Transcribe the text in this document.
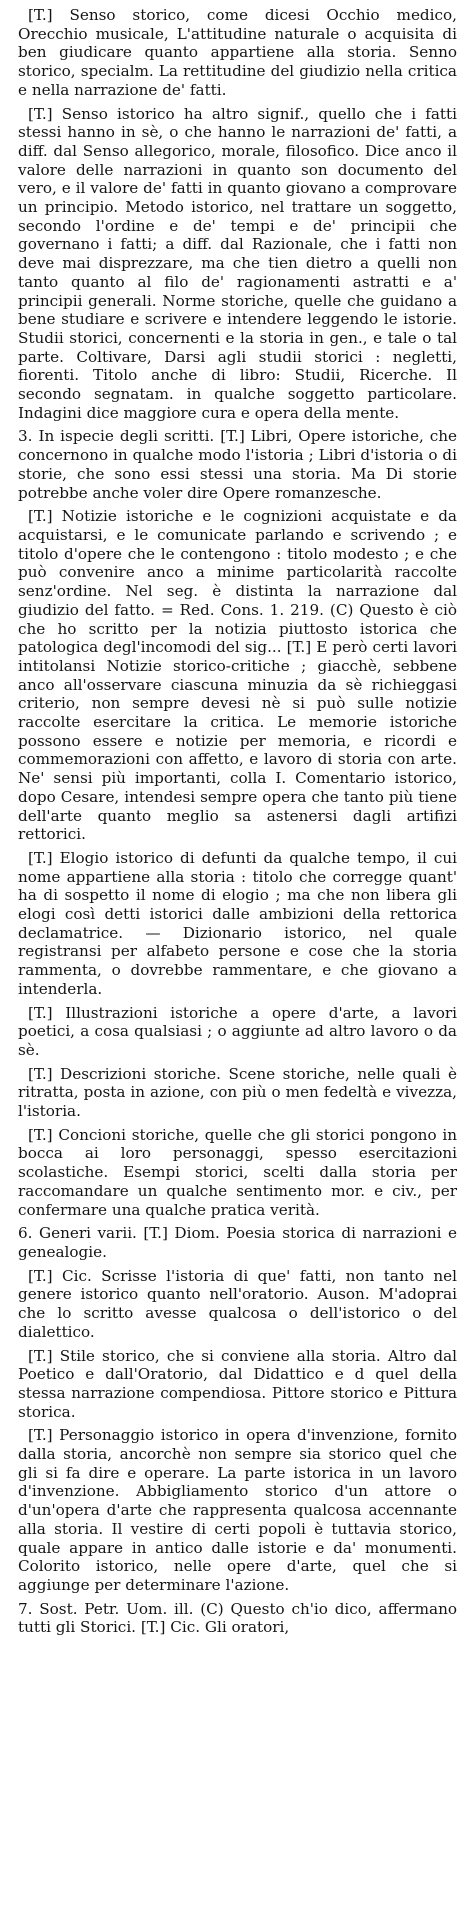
[T.] Senso storico, come dicesi Occhio medico, Orecchio musicale, L'attitudine naturale o acquisita di ben giudicare quanto appartiene alla storia. Senno storico, specialm. La rettitudine del giudizio nella critica e nella narrazione de' fatti.

[T.] Senso istorico ha altro signif., quello che i fatti stessi hanno in sè, o che hanno le narrazioni de' fatti, a diff. dal Senso allegorico, morale, filosofico. Dice anco il valore delle narrazioni in quanto son documento del vero, e il valore de' fatti in quanto giovano a comprovare un principio. Metodo istorico, nel trattare un soggetto, secondo l'ordine e de' tempi e de' principii che governano i fatti; a diff. dal Razionale, che i fatti non deve mai disprezzare, ma che tien dietro a quelli non tanto quanto al filo de' ragionamenti astratti e a' principii generali. Norme storiche, quelle che guidano a bene studiare e scrivere e intendere leggendo le istorie. Studii storici, concernenti e la storia in gen., e tale o tal parte. Coltivare, Darsi agli studii storici : negletti, fiorenti. Titolo anche di libro: Studii, Ricerche. Il secondo segnatam. in qualche soggetto particolare. Indagini dice maggiore cura e opera della mente.

3. In ispecie degli scritti. [T.] Libri, Opere istoriche, che concernono in qualche modo l'istoria ; Libri d'istoria o di storie, che sono essi stessi una storia. Ma Di storie potrebbe anche voler dire Opere romanzesche.

[T.] Notizie istoriche e le cognizioni acquistate e da acquistarsi, e le comunicate parlando e scrivendo ; e titolo d'opere che le contengono : titolo modesto ; e che può convenire anco a minime particolarità raccolte senz'ordine. Nel seg. è distinta la narrazione dal giudizio del fatto. = Red. Cons. 1. 219. (C) Questo è ciò che ho scritto per la notizia piuttosto istorica che patologica degl'incomodi del sig... [T.] E però certi lavori intitolansi Notizie storico-critiche ; giacchè, sebbene anco all'osservare ciascuna minuzia da sè richieggasi criterio, non sempre devesi nè si può sulle notizie raccolte esercitare la critica. Le memorie istoriche possono essere e notizie per memoria, e ricordi e commemorazioni con affetto, e lavoro di storia con arte. Ne' sensi più importanti, colla I. Comentario istorico, dopo Cesare, intendesi sempre opera che tanto più tiene dell'arte quanto meglio sa astenersi dagli artifizi rettorici.

[T.] Elogio istorico di defunti da qualche tempo, il cui nome appartiene alla storia : titolo che corregge quant' ha di sospetto il nome di elogio ; ma che non libera gli elogi così detti istorici dalle ambizioni della rettorica declamatrice. — Dizionario istorico, nel quale registransi per alfabeto persone e cose che la storia rammenta, o dovrebbe rammentare, e che giovano a intenderla.

[T.] Illustrazioni istoriche a opere d'arte, a lavori poetici, a cosa qualsiasi ; o aggiunte ad altro lavoro o da sè.

[T.] Descrizioni storiche. Scene storiche, nelle quali è ritratta, posta in azione, con più o men fedeltà e vivezza, l'istoria.

[T.] Concioni storiche, quelle che gli storici pongono in bocca ai loro personaggi, spesso esercitazioni scolastiche. Esempi storici, scelti dalla storia per raccomandare un qualche sentimento mor. e civ., per confermare una qualche pratica verità.

6. Generi varii. [T.] Diom. Poesia storica di narrazioni e genealogie.

[T.] Cic. Scrisse l'istoria di que' fatti, non tanto nel genere istorico quanto nell'oratorio. Auson. M'adoprai che lo scritto avesse qualcosa o dell'istorico o del dialettico.

[T.] Stile storico, che si conviene alla storia. Altro dal Poetico e dall'Oratorio, dal Didattico e d quel della stessa narrazione compendiosa. Pittore storico e Pittura storica.

[T.] Personaggio istorico in opera d'invenzione, fornito dalla storia, ancorchè non sempre sia storico quel che gli si fa dire e operare. La parte istorica in un lavoro d'invenzione. Abbigliamento storico d'un attore o d'un'opera d'arte che rappresenta qualcosa accennante alla storia. Il vestire di certi popoli è tuttavia storico, quale appare in antico dalle istorie e da' monumenti. Colorito istorico, nelle opere d'arte, quel che si aggiunge per determinare l'azione.

7. Sost. Petr. Uom. ill. (C) Questo ch'io dico, affermano tutti gli Storici. [T.] Cic. Gli oratori,
